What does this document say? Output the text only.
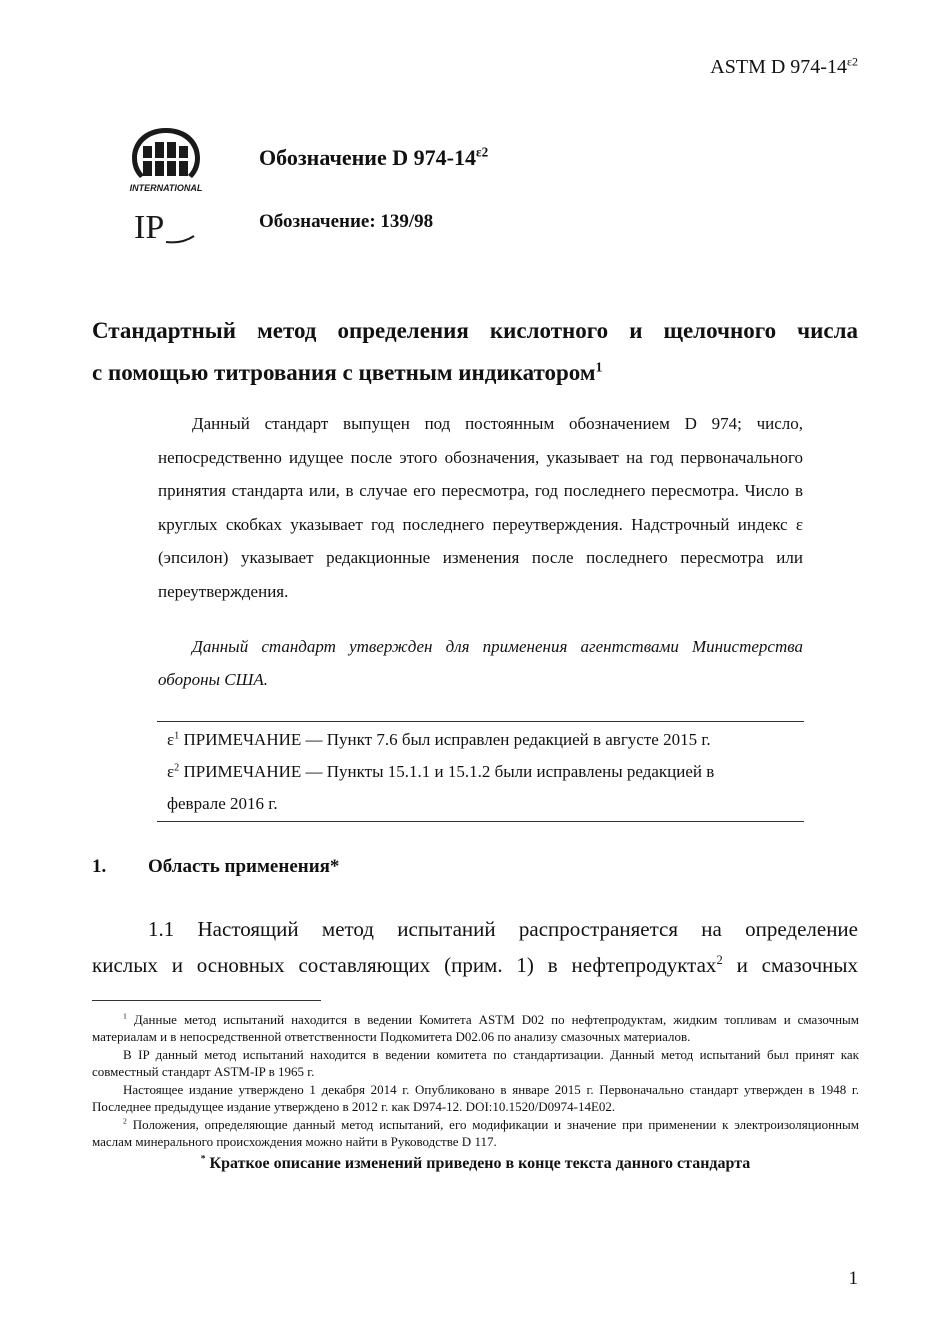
ASTM D $974-14^{\varepsilon 2}$
INTERNATIONAL
IP
Обозначение D $974-14^{\varepsilon 2}$
Обозначение: 139/98
Стандартный метод определения кислотного и щелочного числа
с помощью титрования с цветным индикатором$^1$

Данный стандарт выпущен под постоянным обозначением D 974; число, непосредственно идущее после этого обозначения, указывает на год первоначального принятия стандарта или, в случае его пересмотра, год последнего пересмотра. Число в круглых скобках указывает год последнего переутверждения. Надстрочный индекс ε (эпсилон) указывает редакционные изменения после последнего пересмотра или переутверждения.

Данный стандарт утвержден для применения агентствами Министерства обороны США.

$\varepsilon^1$ ПРИМЕЧАНИЕ — Пункт 7.6 был исправлен редакцией в августе 2015 г.
$\varepsilon^2$ ПРИМЕЧАНИЕ — Пункты 15.1.1 и 15.1.2 были исправлены редакцией в
феврале 2016 г.
1. Область применения*
1.1 Настоящий метод испытаний распространяется на определение
кислых и основных составляющих (прим. 1) в нефтепродуктах$^2$ и смазочных

$^1$ Данные метод испытаний находится в ведении Комитета ASTM D02 по нефтепродуктам, жидким топливам и смазочным материалам и в непосредственной ответственности Подкомитета D02.06 по анализу смазочных материалов.

В IP данный метод испытаний находится в ведении комитета по стандартизации. Данный метод испытаний был принят как совместный стандарт ASTM-IP в 1965 г.

Настоящее издание утверждено 1 декабря 2014 г. Опубликовано в январе 2015 г. Первоначально стандарт утвержден в 1948 г. Последнее предыдущее издание утверждено в 2012 г. как D974-12. DOI:10.1520/D0974-14E02.

$^2$ Положения, определяющие данный метод испытаний, его модификации и значение при применении к электроизоляционным маслам минерального происхождения можно найти в Руководстве D 117.

* Краткое описание изменений приведено в конце текста данного стандарта

1
